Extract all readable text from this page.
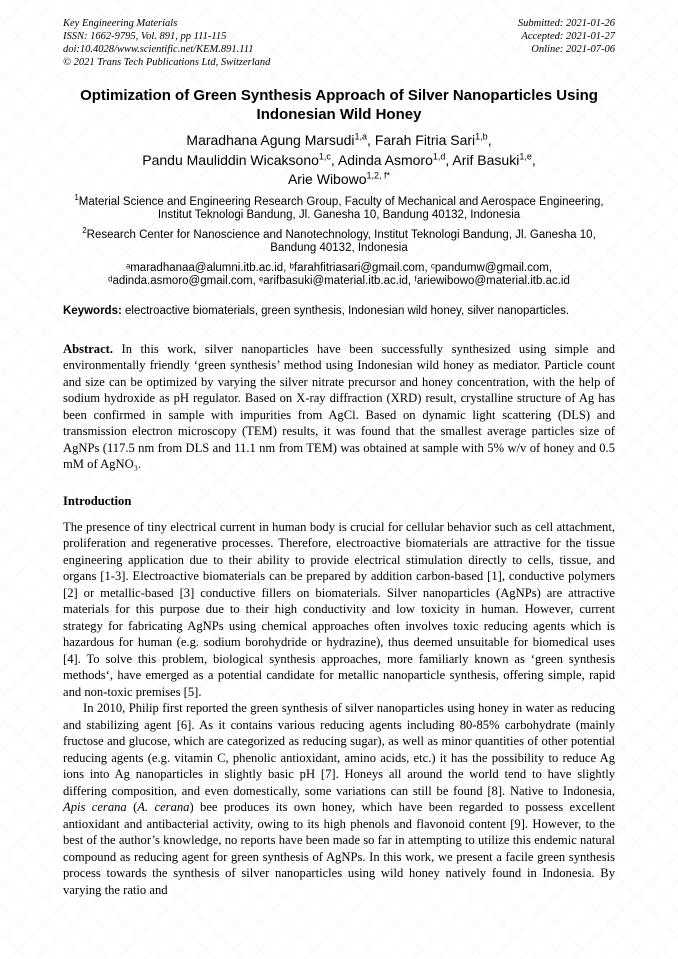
Key Engineering Materials
ISSN: 1662-9795, Vol. 891, pp 111-115
doi:10.4028/www.scientific.net/KEM.891.111
© 2021 Trans Tech Publications Ltd, Switzerland
Submitted: 2021-01-26
Accepted: 2021-01-27
Online: 2021-07-06
Optimization of Green Synthesis Approach of Silver Nanoparticles Using
Indonesian Wild Honey
Maradhana Agung Marsudi$^{1,a}$, Farah Fitria Sari$^{1,b}$,
Pandu Mauliddin Wicaksono$^{1,c}$, Adinda Asmoro$^{1,d}$, Arif Basuki$^{1,e}$,
Arie Wibowo$^{1,2, f*}$
$^1$Material Science and Engineering Research Group, Faculty of Mechanical and Aerospace Engineering, Institut Teknologi Bandung, Jl. Ganesha 10, Bandung 40132, Indonesia
$^2$Research Center for Nanoscience and Nanotechnology, Institut Teknologi Bandung, Jl. Ganesha 10, Bandung 40132, Indonesia
ᵃmaradhanaa@alumni.itb.ac.id, ᵇfarahfitriasari@gmail.com, ᶜpandumw@gmail.com, ᵈadinda.asmoro@gmail.com, ᵉarifbasuki@material.itb.ac.id, ᶠariewibowo@material.itb.ac.id

Keywords: electroactive biomaterials, green synthesis, Indonesian wild honey, silver nanoparticles.

Abstract. In this work, silver nanoparticles have been successfully synthesized using simple and environmentally friendly ‘green synthesis’ method using Indonesian wild honey as mediator. Particle count and size can be optimized by varying the silver nitrate precursor and honey concentration, with the help of sodium hydroxide as pH regulator. Based on X-ray diffraction (XRD) result, crystalline structure of Ag has been confirmed in sample with impurities from AgCl. Based on dynamic light scattering (DLS) and transmission electron microscopy (TEM) results, it was found that the smallest average particles size of AgNPs (117.5 nm from DLS and 11.1 nm from TEM) was obtained at sample with 5% w/v of honey and 0.5 mM of AgNO₃.

Introduction

The presence of tiny electrical current in human body is crucial for cellular behavior such as cell attachment, proliferation and regenerative processes. Therefore, electroactive biomaterials are attractive for the tissue engineering application due to their ability to provide electrical stimulation directly to cells, tissue, and organs [1-3]. Electroactive biomaterials can be prepared by addition carbon-based [1], conductive polymers [2] or metallic-based [3] conductive fillers on biomaterials. Silver nanoparticles (AgNPs) are attractive materials for this purpose due to their high conductivity and low toxicity in human. However, current strategy for fabricating AgNPs using chemical approaches often involves toxic reducing agents which is hazardous for human (e.g. sodium borohydride or hydrazine), thus deemed unsuitable for biomedical uses [4]. To solve this problem, biological synthesis approaches, more familiarly known as ‘green synthesis methods‘, have emerged as a potential candidate for metallic nanoparticle synthesis, offering simple, rapid and non-toxic premises [5].

In 2010, Philip first reported the green synthesis of silver nanoparticles using honey in water as reducing and stabilizing agent [6]. As it contains various reducing agents including 80-85% carbohydrate (mainly fructose and glucose, which are categorized as reducing sugar), as well as minor quantities of other potential reducing agents (e.g. vitamin C, phenolic antioxidant, amino acids, etc.) it has the possibility to reduce Ag ions into Ag nanoparticles in slightly basic pH [7]. Honeys all around the world tend to have slightly differing composition, and even domestically, some variations can still be found [8]. Native to Indonesia, Apis cerana (A. cerana) bee produces its own honey, which have been regarded to possess excellent antioxidant and antibacterial activity, owing to its high phenols and flavonoid content [9]. However, to the best of the author’s knowledge, no reports have been made so far in attempting to utilize this endemic natural compound as reducing agent for green synthesis of AgNPs. In this work, we present a facile green synthesis process towards the synthesis of silver nanoparticles using wild honey natively found in Indonesia. By varying the ratio and
